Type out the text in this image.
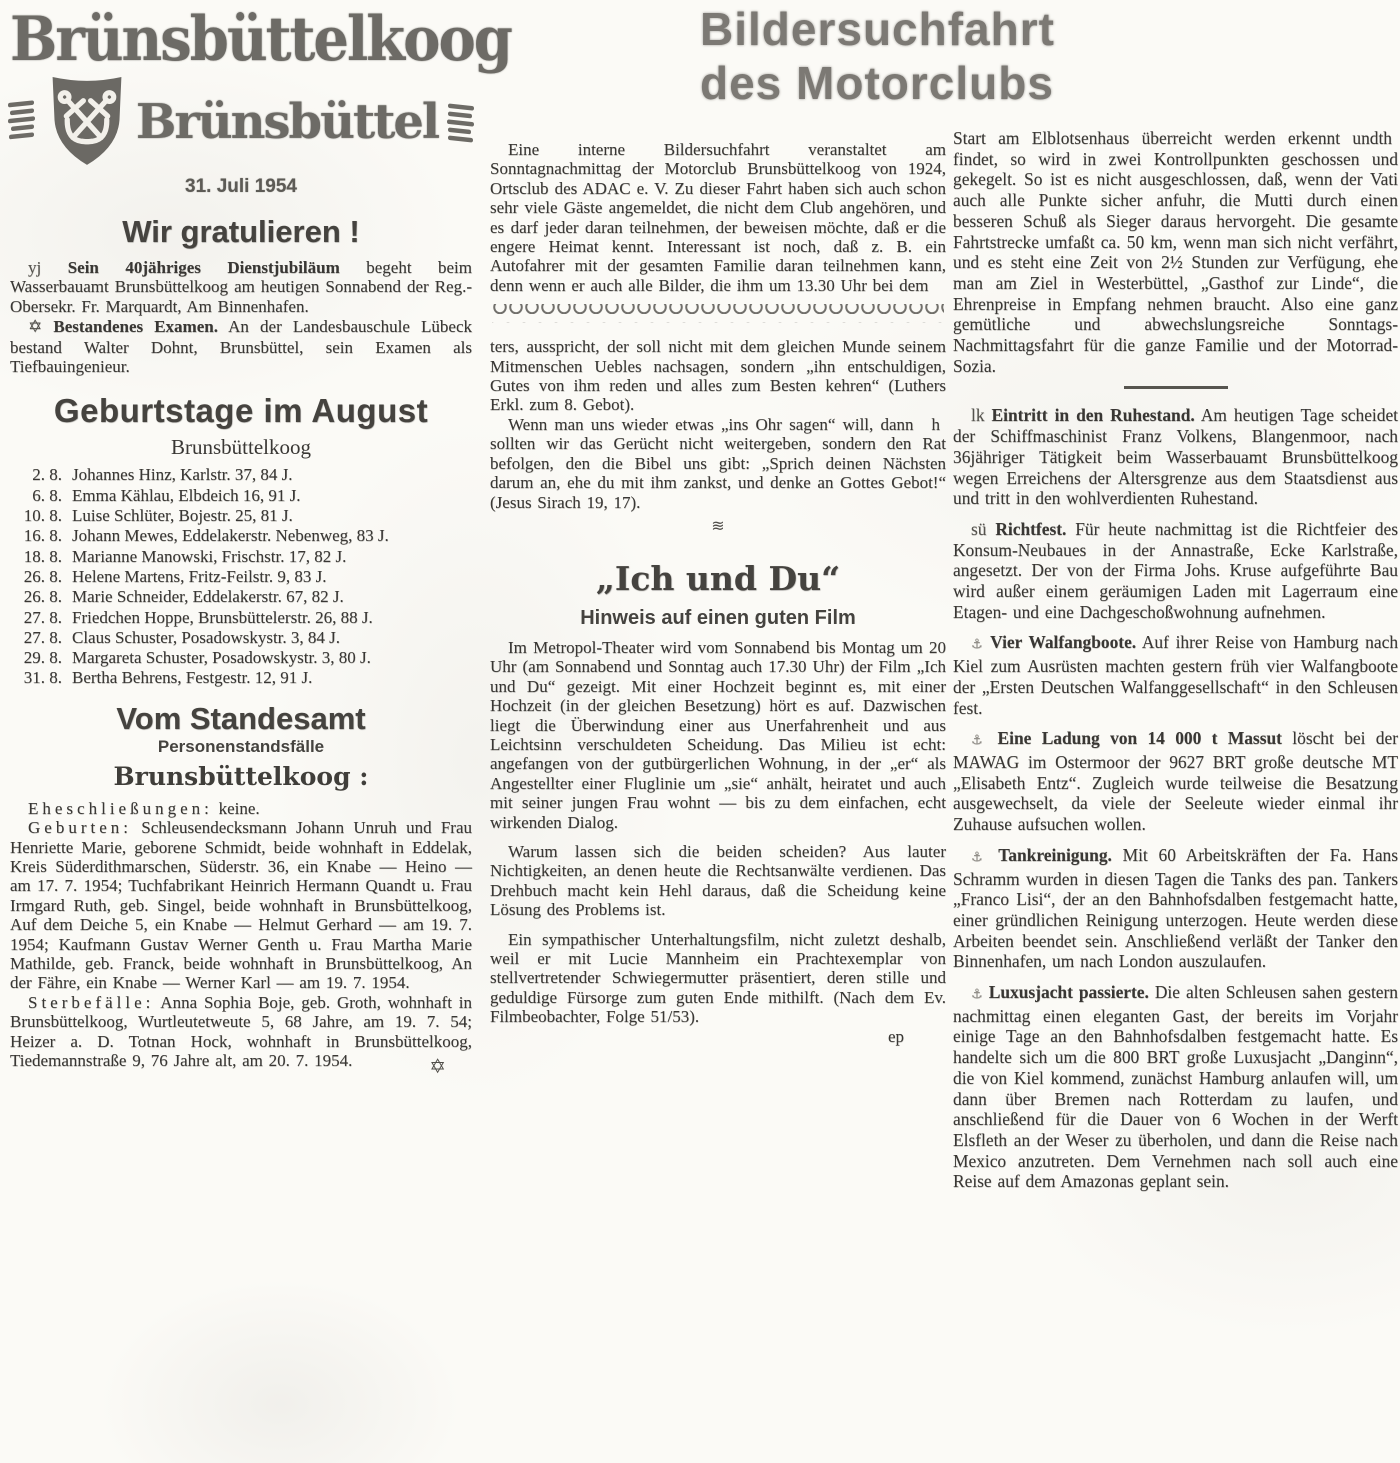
Bildersuchfahrt
des Motorclubs
Brünsbüttelkoog
Brünsbüttel
31. Juli 1954
Wir gratulieren !

yj Sein 40jähriges Dienstjubiläum begeht beim Wasserbauamt Brunsbüttelkoog am heutigen Sonnabend der Reg.-Obersekr. Fr. Marquardt, Am Binnenhafen.

✡ Bestandenes Examen. An der Landesbauschule Lübeck bestand Walter Dohnt, Brunsbüttel, sein Examen als Tiefbauingenieur.

Geburtstage im August
Brunsbüttelkoog
2. 8. Johannes Hinz, Karlstr. 37, 84 J.
6. 8. Emma Kählau, Elbdeich 16, 91 J.
10. 8. Luise Schlüter, Bojestr. 25, 81 J.
16. 8. Johann Mewes, Eddelakerstr. Nebenweg, 83 J.
18. 8. Marianne Manowski, Frischstr. 17, 82 J.
26. 8. Helene Martens, Fritz-Feilstr. 9, 83 J.
26. 8. Marie Schneider, Eddelakerstr. 67, 82 J.
27. 8. Friedchen Hoppe, Brunsbüttelerstr. 26, 88 J.
27. 8. Claus Schuster, Posadowskystr. 3, 84 J.
29. 8. Margareta Schuster, Posadowskystr. 3, 80 J.
31. 8. Bertha Behrens, Festgestr. 12, 91 J.
Vom Standesamt
Personenstandsfälle
Brunsbüttelkoog :

Eheschließungen: keine.

Geburten: Schleusendecksmann Johann Unruh und Frau Henriette Marie, geborene Schmidt, beide wohnhaft in Eddelak, Kreis Süderdithmarschen, Süderstr. 36, ein Knabe — Heino — am 17. 7. 1954; Tuchfabrikant Heinrich Hermann Quandt u. Frau Irmgard Ruth, geb. Singel, beide wohnhaft in Brunsbüttelkoog, Auf dem Deiche 5, ein Knabe — Helmut Gerhard — am 19. 7. 1954; Kaufmann Gustav Werner Genth u. Frau Martha Marie Mathilde, geb. Franck, beide wohnhaft in Brunsbüttelkoog, An der Fähre, ein Knabe — Werner Karl — am 19. 7. 1954.

Sterbefälle: Anna Sophia Boje, geb. Groth, wohnhaft in Brunsbüttelkoog, Wurtleutetweute 5, 68 Jahre, am 19. 7. 54; Heizer a. D. Totnan Hock, wohnhaft in Brunsbüttelkoog, Tiedemannstraße 9, 76 Jahre alt, am 20. 7. 1954.	✡

Eine interne Bildersuchfahrt veranstaltet am Sonntagnachmittag der Motorclub Brunsbüttelkoog von 1924, Ortsclub des ADAC e. V. Zu dieser Fahrt haben sich auch schon sehr viele Gäste angemeldet, die nicht dem Club angehören, und es darf jeder daran teilnehmen, der beweisen möchte, daß er die engere Heimat kennt. Interessant ist noch, daß z. B. ein Autofahrer mit der gesamten Familie daran teilnehmen kann, denn wenn er auch alle Bilder, die ihm um 13.30 Uhr bei dem

ters, ausspricht, der soll nicht mit dem gleichen Munde seinem Mitmenschen Uebles nachsagen, sondern „ihn entschuldigen, Gutes von ihm reden und alles zum Besten kehren“ (Luthers Erkl. zum 8. Gebot).

h
Wenn man uns wieder etwas „ins Ohr sagen“ will, dann sollten wir das Gerücht nicht weitergeben, sondern den Rat befolgen, den die Bibel uns gibt: „Sprich deinen Nächsten darum an, ehe du mit ihm zankst, und denke an Gottes Gebot!“ (Jesus Sirach 19, 17).

≋
„Ich und Du“
Hinweis auf einen guten Film

Im Metropol-Theater wird vom Sonnabend bis Montag um 20 Uhr (am Sonnabend und Sonntag auch 17.30 Uhr) der Film „Ich und Du“ gezeigt. Mit einer Hochzeit beginnt es, mit einer Hochzeit (in der gleichen Besetzung) hört es auf. Dazwischen liegt die Überwindung einer aus Unerfahrenheit und aus Leichtsinn verschuldeten Scheidung. Das Milieu ist echt: angefangen von der gutbürgerlichen Wohnung, in der „er“ als Angestellter einer Fluglinie um „sie“ anhält, heiratet und auch mit seiner jungen Frau wohnt — bis zu dem einfachen, echt wirkenden Dialog.

Warum lassen sich die beiden scheiden? Aus lauter Nichtigkeiten, an denen heute die Rechtsanwälte verdienen. Das Drehbuch macht kein Hehl daraus, daß die Scheidung keine Lösung des Problems ist.

Ein sympathischer Unterhaltungsfilm, nicht zuletzt deshalb, weil er mit Lucie Mannheim ein Prachtexemplar von stellvertretender Schwiegermutter präsentiert, deren stille und geduldige Fürsorge zum guten Ende mithilft. (Nach dem Ev. Filmbeobachter, Folge 51/53).

ep

th
Start am Elblotsenhaus überreicht werden erkennt und findet, so wird in zwei Kontrollpunkten geschossen und gekegelt. So ist es nicht ausgeschlossen, daß, wenn der Vati auch alle Punkte sicher anfuhr, die Mutti durch einen besseren Schuß als Sieger daraus hervorgeht. Die gesamte Fahrtstrecke umfaßt ca. 50 km, wenn man sich nicht verfährt, und es steht eine Zeit von 2½ Stunden zur Verfügung, ehe man am Ziel in Westerbüttel, „Gasthof zur Linde“, die Ehrenpreise in Empfang nehmen braucht. Also eine ganz gemütliche und abwechslungsreiche Sonntags-Nachmittagsfahrt für die ganze Familie und der Motorrad-Sozia.

lk Eintritt in den Ruhestand. Am heutigen Tage scheidet der Schiffmaschinist Franz Volkens, Blangenmoor, nach 36jähriger Tätigkeit beim Wasserbauamt Brunsbüttelkoog wegen Erreichens der Altersgrenze aus dem Staatsdienst aus und tritt in den wohlverdienten Ruhestand.

sü Richtfest. Für heute nachmittag ist die Richtfeier des Konsum-Neubaues in der Annastraße, Ecke Karlstraße, angesetzt. Der von der Firma Johs. Kruse aufgeführte Bau wird außer einem geräumigen Laden mit Lagerraum eine Etagen- und eine Dachgeschoßwohnung aufnehmen.

⚓ Vier Walfangboote. Auf ihrer Reise von Hamburg nach Kiel zum Ausrüsten machten gestern früh vier Walfangboote der „Ersten Deutschen Walfanggesellschaft“ in den Schleusen fest.

⚓ Eine Ladung von 14 000 t Massut löscht bei der MAWAG im Ostermoor der 9627 BRT große deutsche MT „Elisabeth Entz“. Zugleich wurde teilweise die Besatzung ausgewechselt, da viele der Seeleute wieder einmal ihr Zuhause aufsuchen wollen.

⚓ Tankreinigung. Mit 60 Arbeitskräften der Fa. Hans Schramm wurden in diesen Tagen die Tanks des pan. Tankers „Franco Lisi“, der an den Bahnhofsdalben festgemacht hatte, einer gründlichen Reinigung unterzogen. Heute werden diese Arbeiten beendet sein. Anschließend verläßt der Tanker den Binnenhafen, um nach London auszulaufen.

⚓ Luxusjacht passierte. Die alten Schleusen sahen gestern nachmittag einen eleganten Gast, der bereits im Vorjahr einige Tage an den Bahnhofsdalben festgemacht hatte. Es handelte sich um die 800 BRT große Luxusjacht „Danginn“, die von Kiel kommend, zunächst Hamburg anlaufen will, um dann über Bremen nach Rotterdam zu laufen, und anschließend für die Dauer von 6 Wochen in der Werft Elsfleth an der Weser zu überholen, und dann die Reise nach Mexico anzutreten. Dem Vernehmen nach soll auch eine Reise auf dem Amazonas geplant sein.
